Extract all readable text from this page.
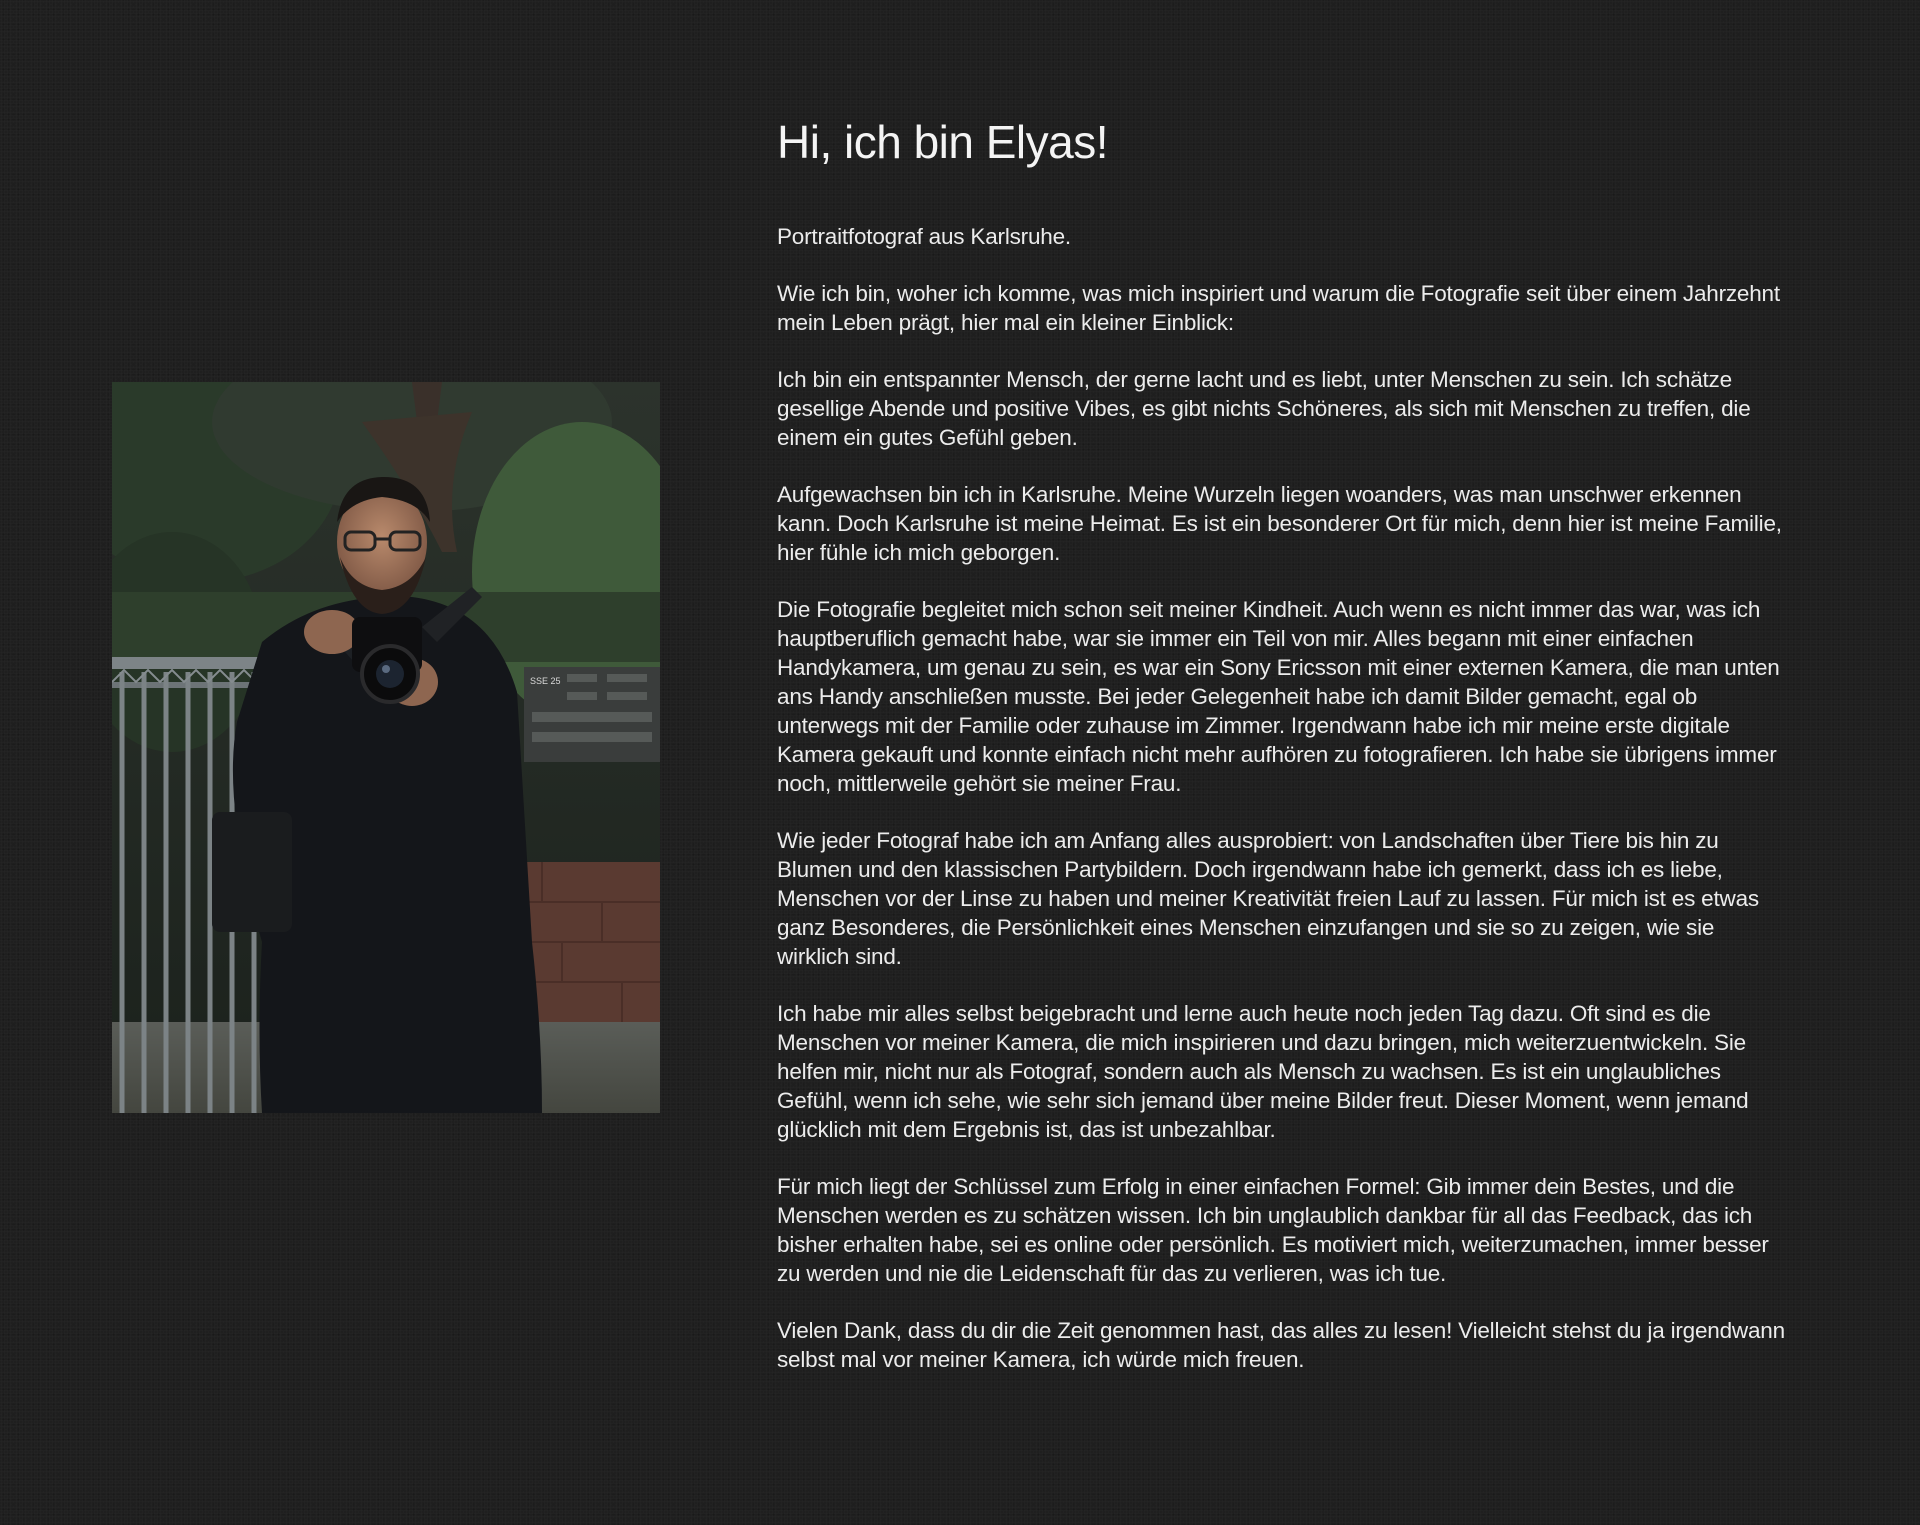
SSE 25
Hi, ich bin Elyas!

Portraitfotograf aus Karlsruhe.

Wie ich bin, woher ich komme, was mich inspiriert und warum die Fotografie seit über einem Jahrzehnt mein Leben prägt, hier mal ein kleiner Einblick:

Ich bin ein entspannter Mensch, der gerne lacht und es liebt, unter Menschen zu sein. Ich schätze gesellige Abende und positive Vibes, es gibt nichts Schöneres, als sich mit Menschen zu treffen, die einem ein gutes Gefühl geben.

Aufgewachsen bin ich in Karlsruhe. Meine Wurzeln liegen woanders, was man unschwer erkennen kann. Doch Karlsruhe ist meine Heimat. Es ist ein besonderer Ort für mich, denn hier ist meine Familie, hier fühle ich mich geborgen.

Die Fotografie begleitet mich schon seit meiner Kindheit. Auch wenn es nicht immer das war, was ich hauptberuflich gemacht habe, war sie immer ein Teil von mir. Alles begann mit einer einfachen Handykamera, um genau zu sein, es war ein Sony Ericsson mit einer externen Kamera, die man unten ans Handy anschließen musste. Bei jeder Gelegenheit habe ich damit Bilder gemacht, egal ob unterwegs mit der Familie oder zuhause im Zimmer. Irgendwann habe ich mir meine erste digitale Kamera gekauft und konnte einfach nicht mehr aufhören zu fotografieren. Ich habe sie übrigens immer noch, mittlerweile gehört sie meiner Frau.

Wie jeder Fotograf habe ich am Anfang alles ausprobiert: von Landschaften über Tiere bis hin zu Blumen und den klassischen Partybildern. Doch irgendwann habe ich gemerkt, dass ich es liebe, Menschen vor der Linse zu haben und meiner Kreativität freien Lauf zu lassen. Für mich ist es etwas ganz Besonderes, die Persönlichkeit eines Menschen einzufangen und sie so zu zeigen, wie sie wirklich sind.

Ich habe mir alles selbst beigebracht und lerne auch heute noch jeden Tag dazu. Oft sind es die Menschen vor meiner Kamera, die mich inspirieren und dazu bringen, mich weiterzuentwickeln. Sie helfen mir, nicht nur als Fotograf, sondern auch als Mensch zu wachsen. Es ist ein unglaubliches Gefühl, wenn ich sehe, wie sehr sich jemand über meine Bilder freut. Dieser Moment, wenn jemand glücklich mit dem Ergebnis ist, das ist unbezahlbar.

Für mich liegt der Schlüssel zum Erfolg in einer einfachen Formel: Gib immer dein Bestes, und die Menschen werden es zu schätzen wissen. Ich bin unglaublich dankbar für all das Feedback, das ich bisher erhalten habe, sei es online oder persönlich. Es motiviert mich, weiterzumachen, immer besser zu werden und nie die Leidenschaft für das zu verlieren, was ich tue.

Vielen Dank, dass du dir die Zeit genommen hast, das alles zu lesen! Vielleicht stehst du ja irgendwann selbst mal vor meiner Kamera, ich würde mich freuen.
